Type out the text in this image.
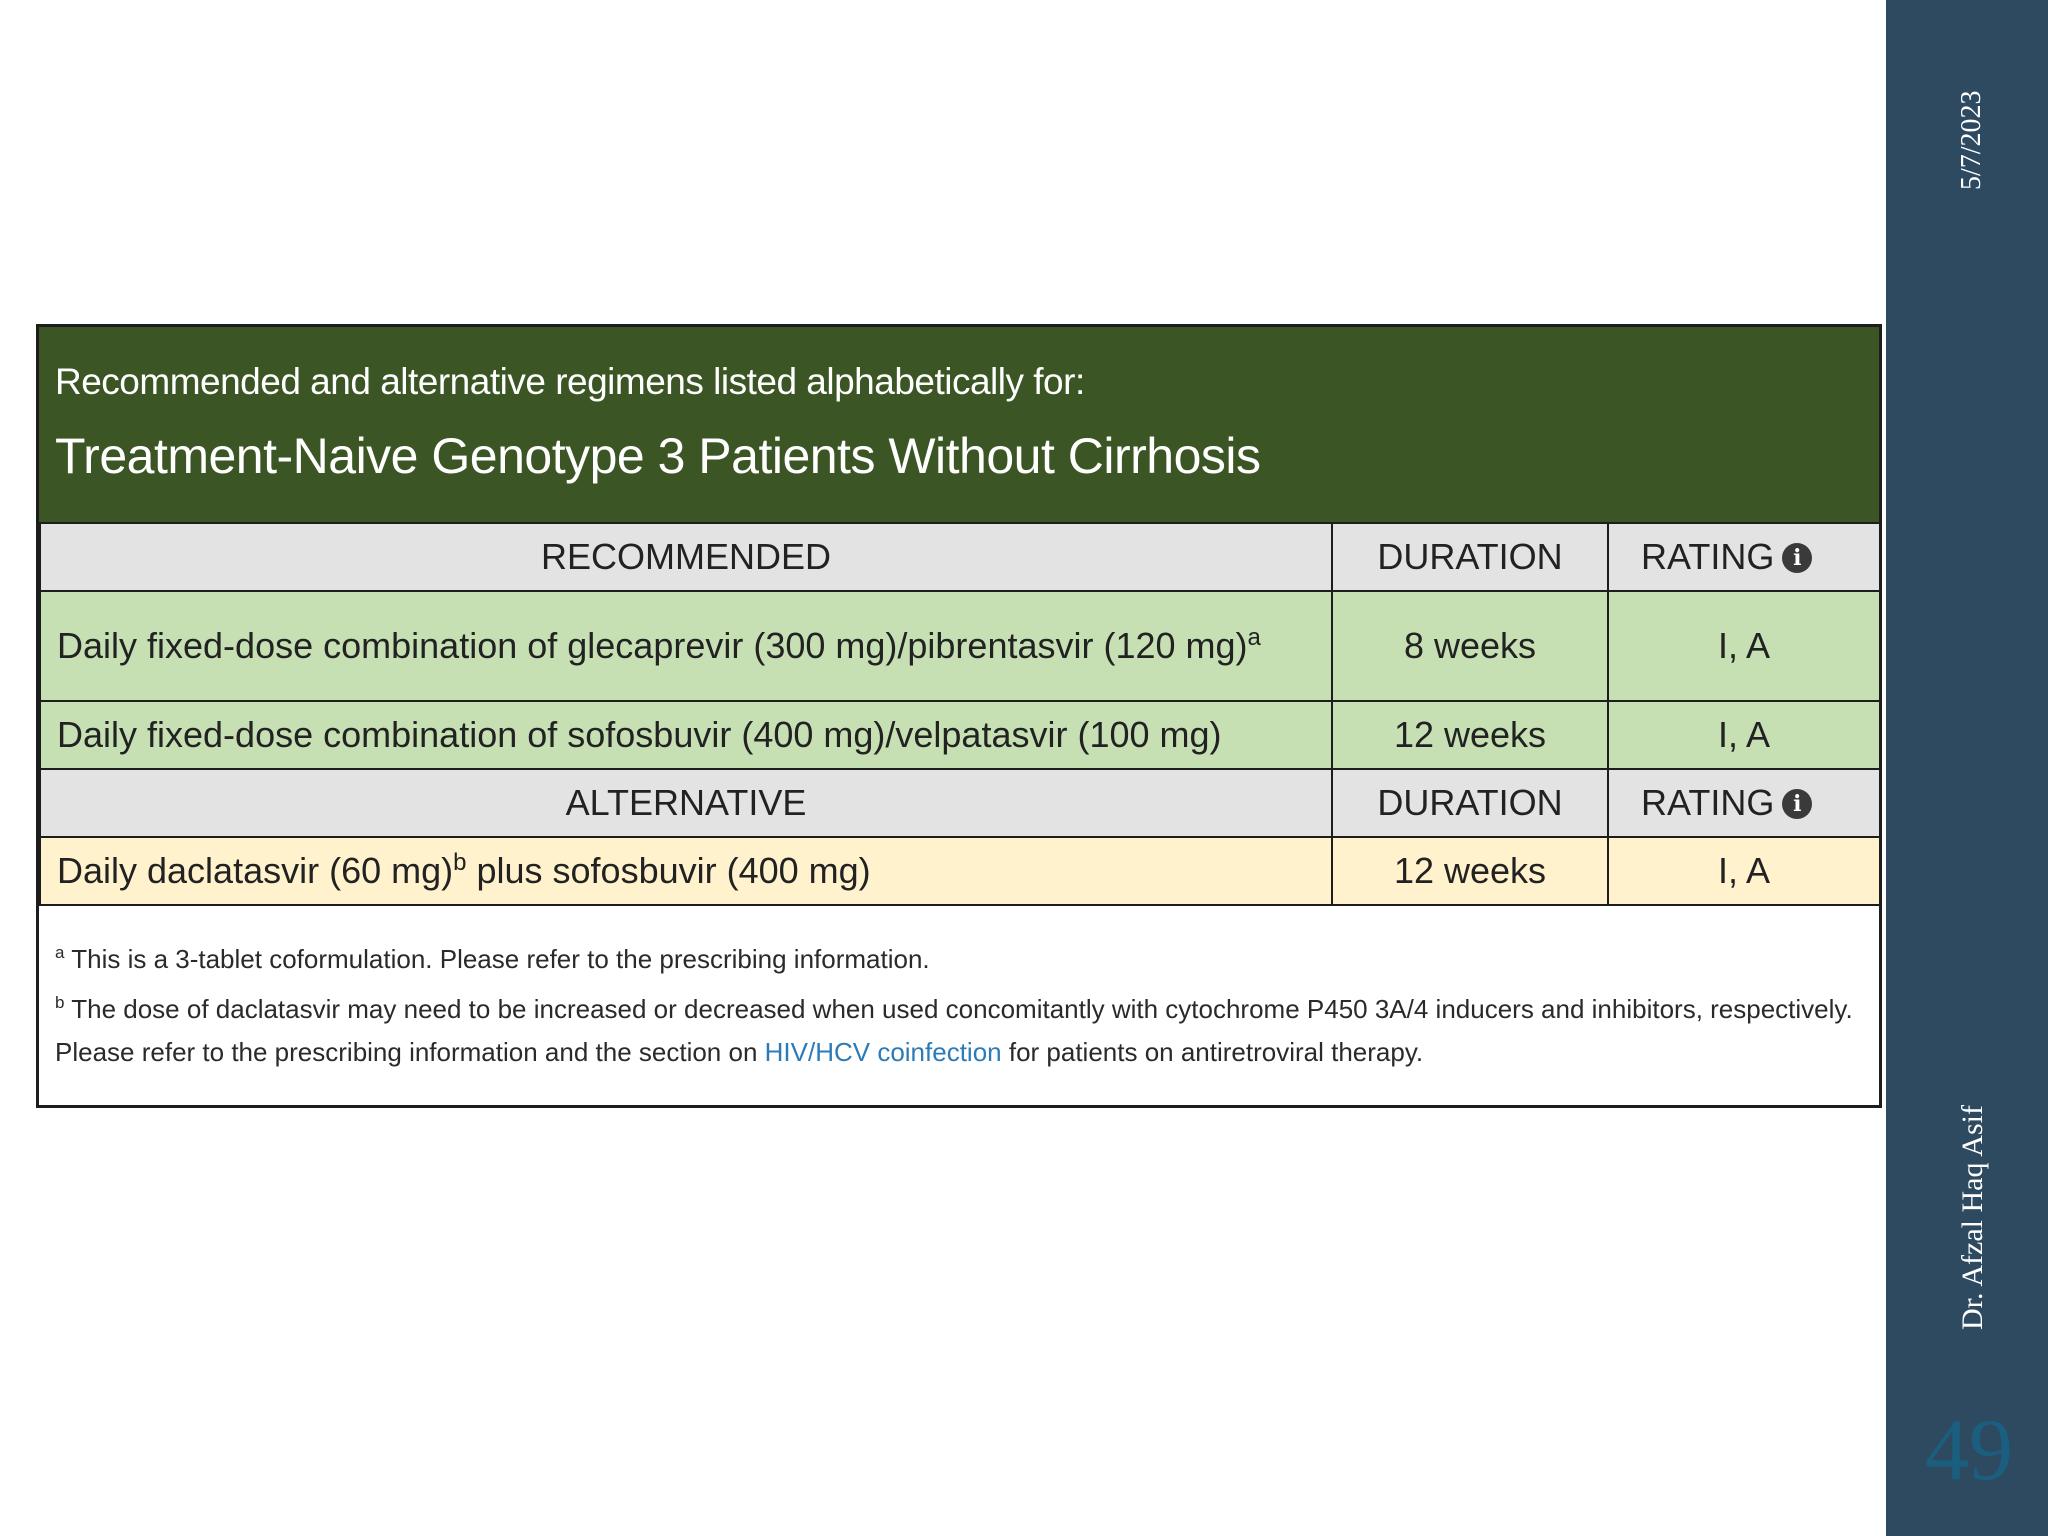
Recommended and alternative regimens listed alphabetically for:
Treatment-Naive Genotype 3 Patients Without Cirrhosis
RECOMMENDED	DURATION	RATING i
Daily fixed-dose combination of glecaprevir (300 mg)/pibrentasvir (120 mg)$^a$	8 weeks	I, A
Daily fixed-dose combination of sofosbuvir (400 mg)/velpatasvir (100 mg)	12 weeks	I, A
ALTERNATIVE	DURATION	RATING i
Daily daclatasvir (60 mg)$^b$ plus sofosbuvir (400 mg)	12 weeks	I, A

$^a$ This is a 3-tablet coformulation. Please refer to the prescribing information.

$^b$ The dose of daclatasvir may need to be increased or decreased when used concomitantly with cytochrome P450 3A/4 inducers and inhibitors, respectively. Please refer to the prescribing information and the section on HIV/HCV coinfection for patients on antiretroviral therapy.

5/7/2023
Dr. Afzal Haq Asif
49
